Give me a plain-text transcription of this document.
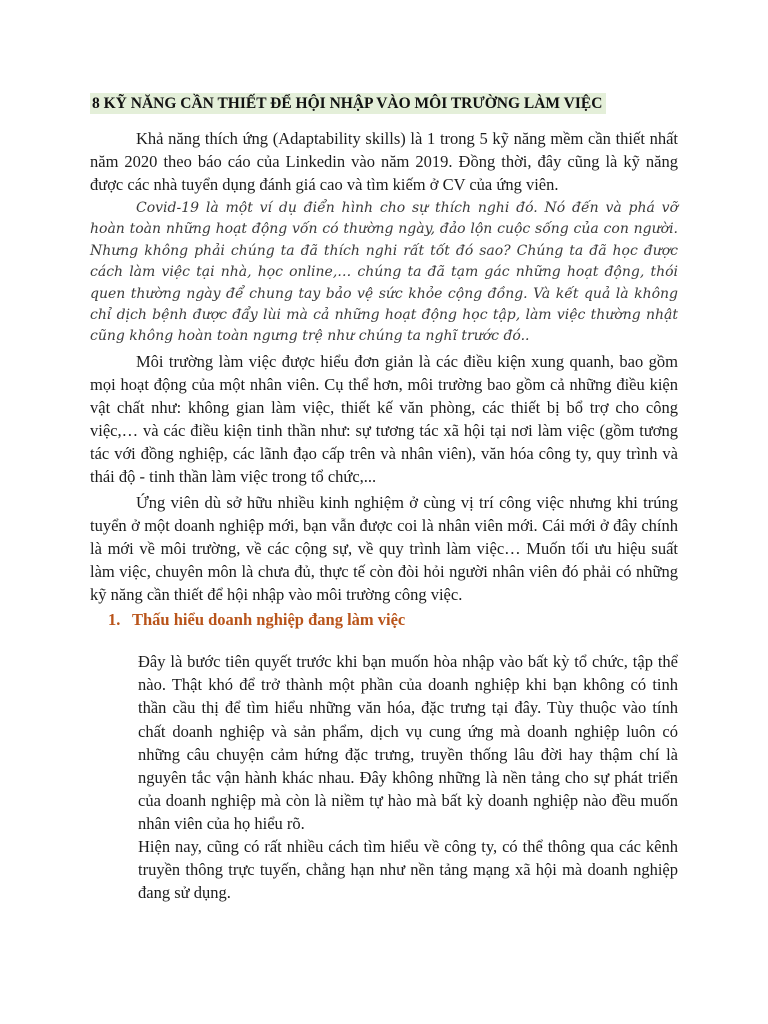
8 KỸ NĂNG CẦN THIẾT ĐỂ HỘI NHẬP VÀO MÔI TRƯỜNG LÀM VIỆC

Khả năng thích ứng (Adaptability skills) là 1 trong 5 kỹ năng mềm cần thiết nhất năm 2020 theo báo cáo của Linkedin vào năm 2019. Đồng thời, đây cũng là kỹ năng được các nhà tuyển dụng đánh giá cao và tìm kiếm ở CV của ứng viên.

Covid-19 là một ví dụ điển hình cho sự thích nghi đó. Nó đến và phá vỡ hoàn toàn những hoạt động vốn có thường ngày, đảo lộn cuộc sống của con người. Nhưng không phải chúng ta đã thích nghi rất tốt đó sao? Chúng ta đã học được cách làm việc tại nhà, học online,… chúng ta đã tạm gác những hoạt động, thói quen thường ngày để chung tay bảo vệ sức khỏe cộng đồng. Và kết quả là không chỉ dịch bệnh được đẩy lùi mà cả những hoạt động học tập, làm việc thường nhật cũng không hoàn toàn ngưng trệ như chúng ta nghĩ trước đó..

Môi trường làm việc được hiểu đơn giản là các điều kiện xung quanh, bao gồm mọi hoạt động của một nhân viên. Cụ thể hơn, môi trường bao gồm cả những điều kiện vật chất như: không gian làm việc, thiết kế văn phòng, các thiết bị bổ trợ cho công việc,… và các điều kiện tinh thần như: sự tương tác xã hội tại nơi làm việc (gồm tương tác với đồng nghiệp, các lãnh đạo cấp trên và nhân viên), văn hóa công ty, quy trình và thái độ - tinh thần làm việc trong tổ chức,...

Ứng viên dù sở hữu nhiều kinh nghiệm ở cùng vị trí công việc nhưng khi trúng tuyển ở một doanh nghiệp mới, bạn vẫn được coi là nhân viên mới. Cái mới ở đây chính là mới về môi trường, về các cộng sự, về quy trình làm việc… Muốn tối ưu hiệu suất làm việc, chuyên môn là chưa đủ, thực tế còn đòi hỏi người nhân viên đó phải có những kỹ năng cần thiết để hội nhập vào môi trường công việc.

1. Thấu hiểu doanh nghiệp đang làm việc

Đây là bước tiên quyết trước khi bạn muốn hòa nhập vào bất kỳ tổ chức, tập thể nào. Thật khó để trở thành một phần của doanh nghiệp khi bạn không có tinh thần cầu thị để tìm hiểu những văn hóa, đặc trưng tại đây. Tùy thuộc vào tính chất doanh nghiệp và sản phẩm, dịch vụ cung ứng mà doanh nghiệp luôn có những câu chuyện cảm hứng đặc trưng, truyền thống lâu đời hay thậm chí là nguyên tắc vận hành khác nhau. Đây không những là nền tảng cho sự phát triển của doanh nghiệp mà còn là niềm tự hào mà bất kỳ doanh nghiệp nào đều muốn nhân viên của họ hiểu rõ.

Hiện nay, cũng có rất nhiều cách tìm hiểu về công ty, có thể thông qua các kênh truyền thông trực tuyến, chẳng hạn như nền tảng mạng xã hội mà doanh nghiệp đang sử dụng.
